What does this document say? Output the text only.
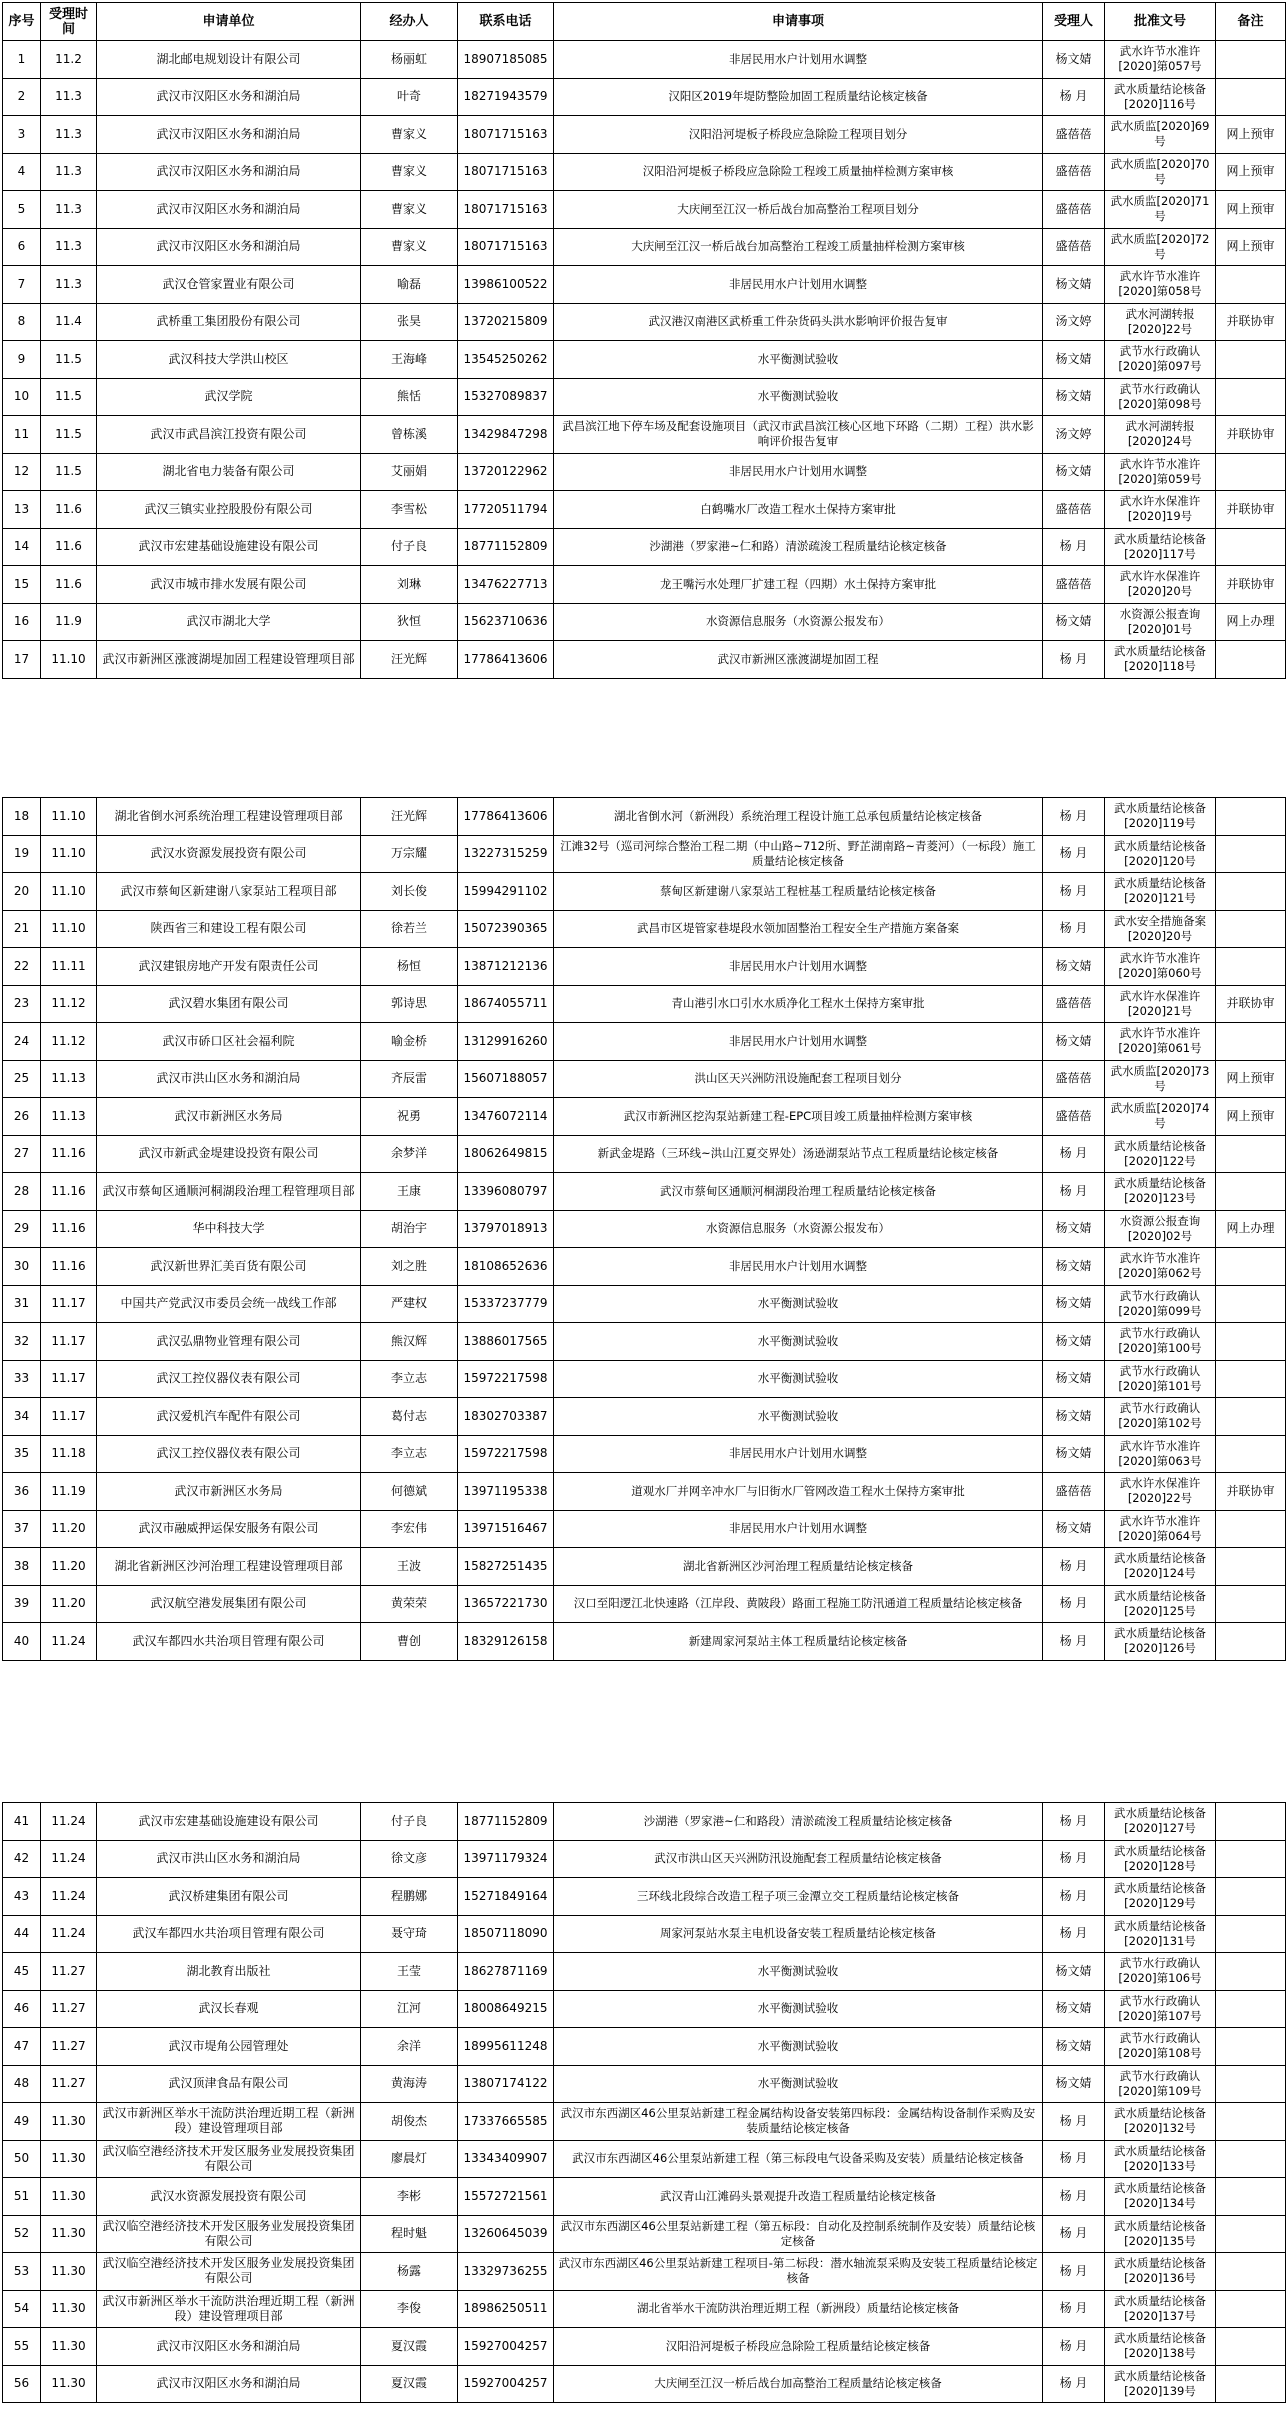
序号	受理时间	申请单位	经办人	联系电话	申请事项	受理人	批准文号	备注
1	11.2	湖北邮电规划设计有限公司	杨丽虹	18907185085	非居民用水户计划用水调整	杨文婧	武水许节水准许[2020]第057号	
2	11.3	武汉市汉阳区水务和湖泊局	叶奇	18271943579	汉阳区2019年堤防整险加固工程质量结论核定核备	杨 月	武水质量结论核备[2020]116号	
3	11.3	武汉市汉阳区水务和湖泊局	曹家义	18071715163	汉阳沿河堤板子桥段应急除险工程项目划分	盛蓓蓓	武水质监[2020]69号	网上预审
4	11.3	武汉市汉阳区水务和湖泊局	曹家义	18071715163	汉阳沿河堤板子桥段应急除险工程竣工质量抽样检测方案审核	盛蓓蓓	武水质监[2020]70号	网上预审
5	11.3	武汉市汉阳区水务和湖泊局	曹家义	18071715163	大庆闸至江汉一桥后战台加高整治工程项目划分	盛蓓蓓	武水质监[2020]71号	网上预审
6	11.3	武汉市汉阳区水务和湖泊局	曹家义	18071715163	大庆闸至江汉一桥后战台加高整治工程竣工质量抽样检测方案审核	盛蓓蓓	武水质监[2020]72号	网上预审
7	11.3	武汉仓管家置业有限公司	喻磊	13986100522	非居民用水户计划用水调整	杨文婧	武水许节水准许[2020]第058号	
8	11.4	武桥重工集团股份有限公司	张昊	13720215809	武汉港汉南港区武桥重工件杂货码头洪水影响评价报告复审	汤文婷	武水河湖转报[2020]22号	并联协审
9	11.5	武汉科技大学洪山校区	王海峰	13545250262	水平衡测试验收	杨文婧	武节水行政确认[2020]第097号	
10	11.5	武汉学院	熊恬	15327089837	水平衡测试验收	杨文婧	武节水行政确认[2020]第098号	
11	11.5	武汉市武昌滨江投资有限公司	曾栋溪	13429847298	武昌滨江地下停车场及配套设施项目（武汉市武昌滨江核心区地下环路（二期）工程）洪水影响评价报告复审	汤文婷	武水河湖转报[2020]24号	并联协审
12	11.5	湖北省电力装备有限公司	艾丽娟	13720122962	非居民用水户计划用水调整	杨文婧	武水许节水准许[2020]第059号	
13	11.6	武汉三镇实业控股股份有限公司	李雪松	17720511794	白鹤嘴水厂改造工程水土保持方案审批	盛蓓蓓	武水许水保准许[2020]19号	并联协审
14	11.6	武汉市宏建基础设施建设有限公司	付子良	18771152809	沙湖港（罗家港~仁和路）清淤疏浚工程质量结论核定核备	杨 月	武水质量结论核备[2020]117号	
15	11.6	武汉市城市排水发展有限公司	刘琳	13476227713	龙王嘴污水处理厂扩建工程（四期）水土保持方案审批	盛蓓蓓	武水许水保准许[2020]20号	并联协审
16	11.9	武汉市湖北大学	狄恒	15623710636	水资源信息服务（水资源公报发布）	杨文婧	水资源公报查询[2020]01号	网上办理
17	11.10	武汉市新洲区涨渡湖堤加固工程建设管理项目部	汪光辉	17786413606	武汉市新洲区涨渡湖堤加固工程	杨 月	武水质量结论核备[2020]118号	
18	11.10	湖北省倒水河系统治理工程建设管理项目部	汪光辉	17786413606	湖北省倒水河（新洲段）系统治理工程设计施工总承包质量结论核定核备	杨 月	武水质量结论核备[2020]119号	
19	11.10	武汉水资源发展投资有限公司	万宗耀	13227315259	江滩32号（巡司河综合整治工程二期（中山路~712所、野芷湖南路~青菱河）（一标段）施工质量结论核定核备	杨 月	武水质量结论核备[2020]120号	
20	11.10	武汉市蔡甸区新建谢八家泵站工程项目部	刘长俊	15994291102	蔡甸区新建谢八家泵站工程桩基工程质量结论核定核备	杨 月	武水质量结论核备[2020]121号	
21	11.10	陕西省三和建设工程有限公司	徐若兰	15072390365	武昌市区堤管家巷堤段水领加固整治工程安全生产措施方案备案	杨 月	武水安全措施备案[2020]20号	
22	11.11	武汉建银房地产开发有限责任公司	杨恒	13871212136	非居民用水户计划用水调整	杨文婧	武水许节水准许[2020]第060号	
23	11.12	武汉碧水集团有限公司	郭诗思	18674055711	青山港引水口引水水质净化工程水土保持方案审批	盛蓓蓓	武水许水保准许[2020]21号	并联协审
24	11.12	武汉市硚口区社会福利院	喻金桥	13129916260	非居民用水户计划用水调整	杨文婧	武水许节水准许[2020]第061号	
25	11.13	武汉市洪山区水务和湖泊局	齐辰雷	15607188057	洪山区天兴洲防汛设施配套工程项目划分	盛蓓蓓	武水质监[2020]73号	网上预审
26	11.13	武汉市新洲区水务局	祝勇	13476072114	武汉市新洲区挖沟泵站新建工程-EPC项目竣工质量抽样检测方案审核	盛蓓蓓	武水质监[2020]74号	网上预审
27	11.16	武汉市新武金堤建设投资有限公司	余梦洋	18062649815	新武金堤路（三环线~洪山江夏交界处）汤逊湖泵站节点工程质量结论核定核备	杨 月	武水质量结论核备[2020]122号	
28	11.16	武汉市蔡甸区通顺河桐湖段治理工程管理项目部	王康	13396080797	武汉市蔡甸区通顺河桐湖段治理工程质量结论核定核备	杨 月	武水质量结论核备[2020]123号	
29	11.16	华中科技大学	胡治宇	13797018913	水资源信息服务（水资源公报发布）	杨文婧	水资源公报查询[2020]02号	网上办理
30	11.16	武汉新世界汇美百货有限公司	刘之胜	18108652636	非居民用水户计划用水调整	杨文婧	武水许节水准许[2020]第062号	
31	11.17	中国共产党武汉市委员会统一战线工作部	严建权	15337237779	水平衡测试验收	杨文婧	武节水行政确认[2020]第099号	
32	11.17	武汉弘鼎物业管理有限公司	熊汉辉	13886017565	水平衡测试验收	杨文婧	武节水行政确认[2020]第100号	
33	11.17	武汉工控仪器仪表有限公司	李立志	15972217598	水平衡测试验收	杨文婧	武节水行政确认[2020]第101号	
34	11.17	武汉爱机汽车配件有限公司	葛付志	18302703387	水平衡测试验收	杨文婧	武节水行政确认[2020]第102号	
35	11.18	武汉工控仪器仪表有限公司	李立志	15972217598	非居民用水户计划用水调整	杨文婧	武水许节水准许[2020]第063号	
36	11.19	武汉市新洲区水务局	何德斌	13971195338	道观水厂并网辛冲水厂与旧街水厂管网改造工程水土保持方案审批	盛蓓蓓	武水许水保准许[2020]22号	并联协审
37	11.20	武汉市融威押运保安服务有限公司	李宏伟	13971516467	非居民用水户计划用水调整	杨文婧	武水许节水准许[2020]第064号	
38	11.20	湖北省新洲区沙河治理工程建设管理项目部	王波	15827251435	湖北省新洲区沙河治理工程质量结论核定核备	杨 月	武水质量结论核备[2020]124号	
39	11.20	武汉航空港发展集团有限公司	黄荣荣	13657221730	汉口至阳逻江北快速路（江岸段、黄陂段）路面工程施工防汛通道工程质量结论核定核备	杨 月	武水质量结论核备[2020]125号	
40	11.24	武汉车都四水共治项目管理有限公司	曹创	18329126158	新建周家河泵站主体工程质量结论核定核备	杨 月	武水质量结论核备[2020]126号	
41	11.24	武汉市宏建基础设施建设有限公司	付子良	18771152809	沙湖港（罗家港~仁和路段）清淤疏浚工程质量结论核定核备	杨 月	武水质量结论核备[2020]127号	
42	11.24	武汉市洪山区水务和湖泊局	徐文彦	13971179324	武汉市洪山区天兴洲防汛设施配套工程质量结论核定核备	杨 月	武水质量结论核备[2020]128号	
43	11.24	武汉桥建集团有限公司	程鹏娜	15271849164	三环线北段综合改造工程子项三金潭立交工程质量结论核定核备	杨 月	武水质量结论核备[2020]129号	
44	11.24	武汉车都四水共治项目管理有限公司	聂守琦	18507118090	周家河泵站水泵主电机设备安装工程质量结论核定核备	杨 月	武水质量结论核备[2020]131号	
45	11.27	湖北教育出版社	王莹	18627871169	水平衡测试验收	杨文婧	武节水行政确认[2020]第106号	
46	11.27	武汉长春观	江河	18008649215	水平衡测试验收	杨文婧	武节水行政确认[2020]第107号	
47	11.27	武汉市堤角公园管理处	余洋	18995611248	水平衡测试验收	杨文婧	武节水行政确认[2020]第108号	
48	11.27	武汉顶津食品有限公司	黄海涛	13807174122	水平衡测试验收	杨文婧	武节水行政确认[2020]第109号	
49	11.30	武汉市新洲区举水干流防洪治理近期工程（新洲段）建设管理项目部	胡俊杰	17337665585	武汉市东西湖区46公里泵站新建工程金属结构设备安装第四标段：金属结构设备制作采购及安装质量结论核定核备	杨 月	武水质量结论核备[2020]132号	
50	11.30	武汉临空港经济技术开发区服务业发展投资集团有限公司	廖晨灯	13343409907	武汉市东西湖区46公里泵站新建工程（第三标段电气设备采购及安装）质量结论核定核备	杨 月	武水质量结论核备[2020]133号	
51	11.30	武汉水资源发展投资有限公司	李彬	15572721561	武汉青山江滩码头景观提升改造工程质量结论核定核备	杨 月	武水质量结论核备[2020]134号	
52	11.30	武汉临空港经济技术开发区服务业发展投资集团有限公司	程时魁	13260645039	武汉市东西湖区46公里泵站新建工程（第五标段：自动化及控制系统制作及安装）质量结论核定核备	杨 月	武水质量结论核备[2020]135号	
53	11.30	武汉临空港经济技术开发区服务业发展投资集团有限公司	杨露	13329736255	武汉市东西湖区46公里泵站新建工程项目-第二标段：潜水轴流泵采购及安装工程质量结论核定核备	杨 月	武水质量结论核备[2020]136号	
54	11.30	武汉市新洲区举水干流防洪治理近期工程（新洲段）建设管理项目部	李俊	18986250511	湖北省举水干流防洪治理近期工程（新洲段）质量结论核定核备	杨 月	武水质量结论核备[2020]137号	
55	11.30	武汉市汉阳区水务和湖泊局	夏汉霞	15927004257	汉阳沿河堤板子桥段应急除险工程质量结论核定核备	杨 月	武水质量结论核备[2020]138号	
56	11.30	武汉市汉阳区水务和湖泊局	夏汉霞	15927004257	大庆闸至江汉一桥后战台加高整治工程质量结论核定核备	杨 月	武水质量结论核备[2020]139号	
